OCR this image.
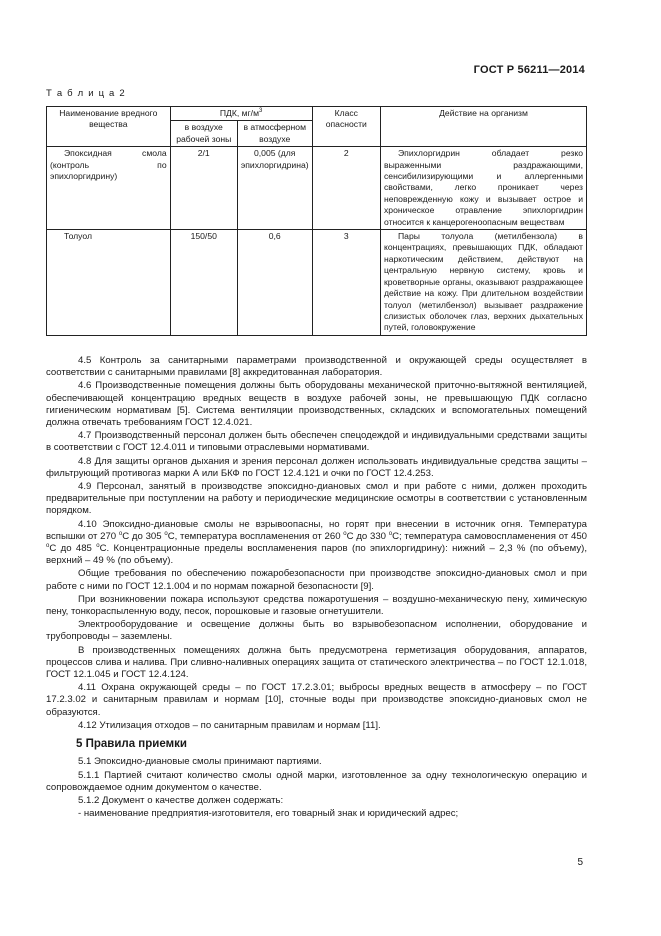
ГОСТ Р 56211—2014
Т а б л и ц а 2
Наименование вредного вещества	ПДК, $мг/м^3$		Класс опасности	Действие на организм
	в воздухе рабочей зоны	в атмосферном воздухе		
Эпоксидная смола (контроль по эпихлоргидрину)	2/1	0,005 (для эпихлоргидрина)	2	Эпихлоргидрин обладает резко выраженными раздражающими, сенсибилизирующими и аллергенными свойствами, легко проникает через неповрежденную кожу и вызывает острое и хроническое отравление эпихлоргидрин относится к канцерогеноопасным веществам
Толуол	150/50	0,6	3	Пары толуола (метилбензола) в концентрациях, превышающих ПДК, обладают наркотическим действием, действуют на центральную нервную систему, кровь и кроветворные органы, оказывают раздражающее действие на кожу. При длительном воздействии толуол (метилбензол) вызывает раздражение слизистых оболочек глаз, верхних дыхательных путей, головокружение

4.5 Контроль за санитарными параметрами производственной и окружающей среды осуществляет в соответствии с санитарными правилами [8] аккредитованная лаборатория.

4.6 Производственные помещения должны быть оборудованы механической приточно-вытяжной вентиляцией, обеспечивающей концентрацию вредных веществ в воздухе рабочей зоны, не превышающую ПДК согласно гигиеническим нормативам [5]. Система вентиляции производственных, складских и вспомогательных помещений должна отвечать требованиям ГОСТ 12.4.021.

4.7 Производственный персонал должен быть обеспечен спецодеждой и индивидуальными средствами защиты в соответствии с ГОСТ 12.4.011 и типовыми отраслевыми нормативами.

4.8 Для защиты органов дыхания и зрения персонал должен использовать индивидуальные средства защиты – фильтрующий противогаз марки А или БКФ по ГОСТ 12.4.121 и очки по ГОСТ 12.4.253.

4.9 Персонал, занятый в производстве эпоксидно-диановых смол и при работе с ними, должен проходить предварительные при поступлении на работу и периодические медицинские осмотры в соответствии с установленным порядком.

4.10 Эпоксидно-диановые смолы не взрывоопасны, но горят при внесении в источник огня. Температура вспышки от 270 $^о$С до 305 $^о$С, температура воспламенения от 260 $^о$С до 330 $^о$С; температура самовоспламенения от 450 $^о$С до 485 $^о$С. Концентрационные пределы воспламенения паров (по эпихлоргидрину): нижний – 2,3 % (по объему), верхний – 49 % (по объему).

Общие требования по обеспечению пожаробезопасности при производстве эпоксидно-диановых смол и при работе с ними по ГОСТ 12.1.004 и по нормам пожарной безопасности [9].

При возникновении пожара используют средства пожаротушения – воздушно-механическую пену, химическую пену, тонкораспыленную воду, песок, порошковые и газовые огнетушители.

Электрооборудование и освещение должны быть во взрывобезопасном исполнении, оборудование и трубопроводы – заземлены.

В производственных помещениях должна быть предусмотрена герметизация оборудования, аппаратов, процессов слива и налива. При сливно-наливных операциях защита от статического электричества – по ГОСТ 12.1.018, ГОСТ 12.1.045 и ГОСТ 12.4.124.

4.11 Охрана окружающей среды – по ГОСТ 17.2.3.01; выбросы вредных веществ в атмосферу – по ГОСТ 17.2.3.02 и санитарным правилам и нормам [10], сточные воды при производстве эпоксидно-диановых смол не образуются.

4.12 Утилизация отходов – по санитарным правилам и нормам [11].

5 Правила приемки

5.1 Эпоксидно-диановые смолы принимают партиями.

5.1.1 Партией считают количество смолы одной марки, изготовленное за одну технологическую операцию и сопровождаемое одним документом о качестве.

5.1.2 Документ о качестве должен содержать:

- наименование предприятия-изготовителя, его товарный знак и юридический адрес;

5
